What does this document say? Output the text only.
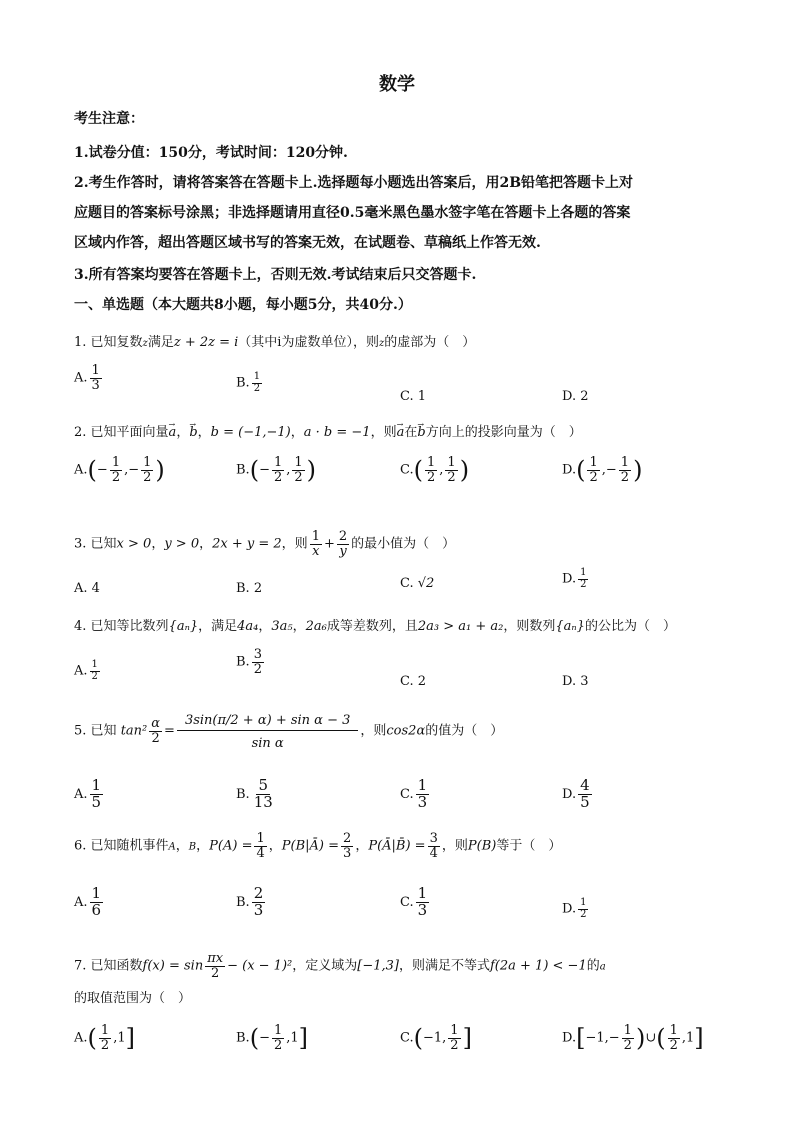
数学
考生注意：
1.试卷分值：150分，考试时间：120分钟.
2.考生作答时，请将答案答在答题卡上.选择题每小题选出答案后，用2B铅笔把答题卡上对
应题目的答案标号涂黑；非选择题请用直径0.5毫米黑色墨水签字笔在答题卡上各题的答案
区域内作答，超出答题区域书写的答案无效，在试题卷、草稿纸上作答无效.
3.所有答案均要答在答题卡上，否则无效.考试结束后只交答题卡.
一、单选题（本大题共8小题，每小题5分，共40分.）
1. 已知复数z满足z + 2z = i（其中i为虚数单位），则z的虚部为（　）
A. $\frac{1}{3}$	B. $\frac{1}{2}$
C. 1	D. 2
2. 已知平面向量→ a，→ b，b = (−1,−1)，a · b = −1，则→ a在→ b方向上的投影向量为（　）
$A.(- \frac{1}{2}$ ,− $\frac{1}{2}$ )	$B.(- \frac{1}{2}$ , $\frac{1}{2}$ )	$C.( \frac{1}{2}$ , $\frac{1}{2}$ )	$D.( \frac{1}{2}$ ,− $\frac{1}{2}$ )
3. 已知x > 0，y > 0，2x + y = 2，则 $\frac{1}{x} + \frac{2}{y}$ 的最小值为（　）
A. 4	B. 2	C. √2	D. $\frac{1}{2}$
4. 已知等比数列{aₙ}，满足4a₄，3a₅，2a₆成等差数列，且2a₃ > a₁ + a₂，则数列{aₙ}的公比为（　）
A. $\frac{1}{2}$	B. $\frac{3}{2}$
C. 2	D. 3
5. 已知 $\tan^2 \frac{\alpha}{2} = \frac{\text{3sin(π/2 + α) + sin α − 3}}{\text{sin α}}$ ，则cos2α的值为（　）
A. $\frac{1}{5}$	B. $\frac{5}{13}$	C. $\frac{1}{3}$	D. $\frac{4}{5}$
6. 已知随机事件A，B，$P(A) = \frac{1}{4}$ ，P(B|Ā) = $\frac{2}{3}$ ，P(Ā|B̄) = $\frac{3}{4}$ ，则P(B)等于（　）
A. $\frac{1}{6}$	B. $\frac{2}{3}$	C. $\frac{1}{3}$	D. $\frac{1}{2}$
7. 已知函数$f(x) = \sin \frac{\pi x}{2} - (x - 1)^2$，定义域为[−1,3]，则满足不等式f(2a + 1) < −1的a
的取值范围为（　）
$A.( \frac{1}{2} ,1]$	$B.(- \frac{1}{2} ,1]$	C.(−1, $\frac{1}{2}$ ]	$D.[-1,- \frac{1}{2}$ )∪( $\frac{1}{2} ,1$]
